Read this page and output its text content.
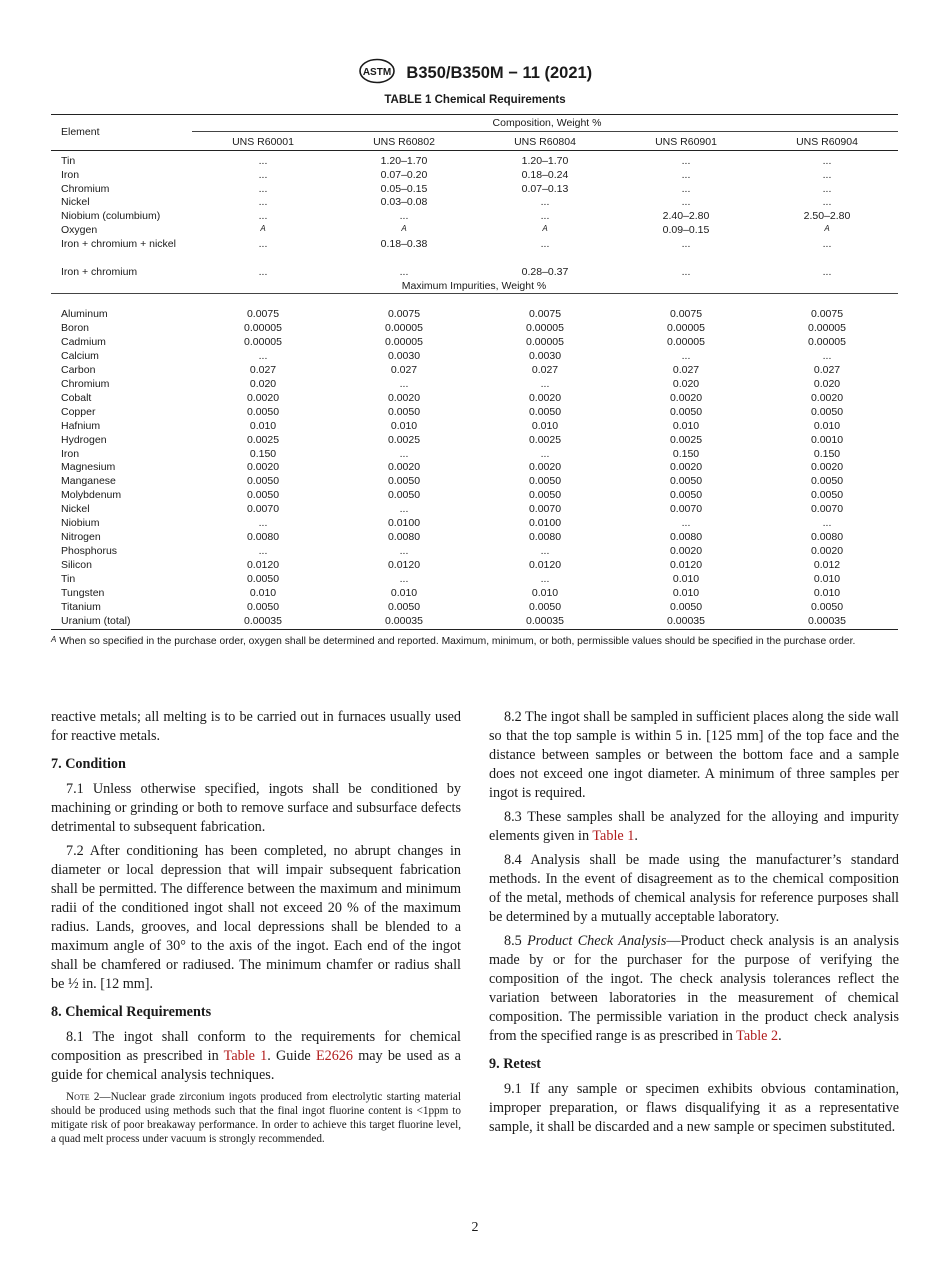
ASTM B350/B350M − 11 (2021)
TABLE 1 Chemical Requirements
Element
Composition, Weight %
UNS R60001	UNS R60802	UNS R60804	UNS R60901	UNS R60904
Maximum Impurities, Weight %
Tin	...	1.20–1.70	1.20–1.70	...	...
Iron	...	0.07–0.20	0.18–0.24	...	...
Chromium	...	0.05–0.15	0.07–0.13	...	...
Nickel	...	0.03–0.08	...	...	...
Niobium (columbium)	...	...	...	2.40–2.80	2.50–2.80
Oxygen	A	A	A	0.09–0.15	A
Iron + chromium + nickel	...	0.18–0.38	...	...	...
Iron + chromium	...	...	0.28–0.37	...	...
Aluminum	0.0075	0.0075	0.0075	0.0075	0.0075
Boron	0.00005	0.00005	0.00005	0.00005	0.00005
Cadmium	0.00005	0.00005	0.00005	0.00005	0.00005
Calcium	...	0.0030	0.0030	...	...
Carbon	0.027	0.027	0.027	0.027	0.027
Chromium	0.020	...	...	0.020	0.020
Cobalt	0.0020	0.0020	0.0020	0.0020	0.0020
Copper	0.0050	0.0050	0.0050	0.0050	0.0050
Hafnium	0.010	0.010	0.010	0.010	0.010
Hydrogen	0.0025	0.0025	0.0025	0.0025	0.0010
Iron	0.150	...	...	0.150	0.150
Magnesium	0.0020	0.0020	0.0020	0.0020	0.0020
Manganese	0.0050	0.0050	0.0050	0.0050	0.0050
Molybdenum	0.0050	0.0050	0.0050	0.0050	0.0050
Nickel	0.0070	...	0.0070	0.0070	0.0070
Niobium	...	0.0100	0.0100	...	...
Nitrogen	0.0080	0.0080	0.0080	0.0080	0.0080
Phosphorus	...	...	...	0.0020	0.0020
Silicon	0.0120	0.0120	0.0120	0.0120	0.012
Tin	0.0050	...	...	0.010	0.010
Tungsten	0.010	0.010	0.010	0.010	0.010
Titanium	0.0050	0.0050	0.0050	0.0050	0.0050
Uranium (total)	0.00035	0.00035	0.00035	0.00035	0.00035
A When so specified in the purchase order, oxygen shall be determined and reported. Maximum, minimum, or both, permissible values should be specified in the purchase order.

reactive metals; all melting is to be carried out in furnaces usually used for reactive metals.

7. Condition

7.1 Unless otherwise specified, ingots shall be conditioned by machining or grinding or both to remove surface and subsurface defects detrimental to subsequent fabrication.

7.2 After conditioning has been completed, no abrupt changes in diameter or local depression that will impair subsequent fabrication shall be permitted. The difference between the maximum and minimum radii of the conditioned ingot shall not exceed 20 % of the maximum radius. Lands, grooves, and local depressions shall be blended to a maximum angle of 30° to the axis of the ingot. Each end of the ingot shall be chamfered or radiused. The minimum chamfer or radius shall be ½ in. [12 mm].

8. Chemical Requirements

8.1 The ingot shall conform to the requirements for chemical composition as prescribed in Table 1. Guide E2626 may be used as a guide for chemical analysis techniques.

Note 2—Nuclear grade zirconium ingots produced from electrolytic starting material should be produced using methods such that the final ingot fluorine content is <1ppm to mitigate risk of poor breakaway performance. In order to achieve this target fluorine level, a quad melt process under vacuum is strongly recommended.

8.2 The ingot shall be sampled in sufficient places along the side wall so that the top sample is within 5 in. [125 mm] of the top face and the distance between samples or between the bottom face and a sample does not exceed one ingot diameter. A minimum of three samples per ingot is required.

8.3 These samples shall be analyzed for the alloying and impurity elements given in Table 1.

8.4 Analysis shall be made using the manufacturer’s standard methods. In the event of disagreement as to the chemical composition of the metal, methods of chemical analysis for reference purposes shall be determined by a mutually acceptable laboratory.

8.5 Product Check Analysis—Product check analysis is an analysis made by or for the purchaser for the purpose of verifying the composition of the ingot. The check analysis tolerances reflect the variation between laboratories in the measurement of chemical composition. The permissible variation in the product check analysis from the specified range is as prescribed in Table 2.

9. Retest

9.1 If any sample or specimen exhibits obvious contamination, improper preparation, or flaws disqualifying it as a representative sample, it shall be discarded and a new sample or specimen substituted.

2
